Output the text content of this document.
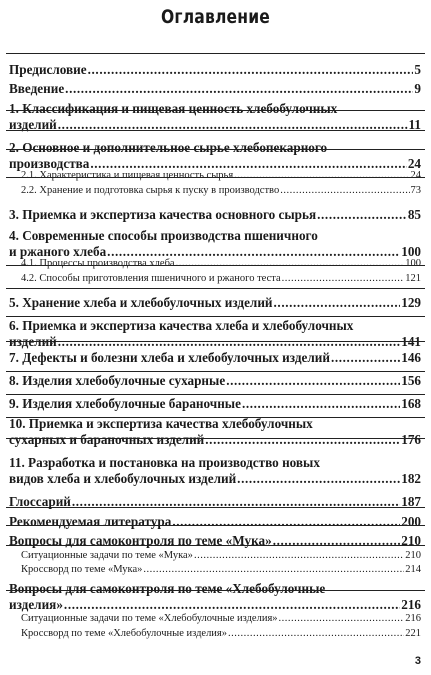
Оглавление
Предисловие .....	5
Введение .....	9
1. Классификация и пищевая ценность хлебобулочных
изделий .....	11
2. Основное и дополнительное сырье хлебопекарного
производства .....	24
2.1. Характеристика и пищевая ценность сырья .....	24
2.2. Хранение и подготовка сырья к пуску в производство .....	73
3. Приемка и экспертиза качества основного сырья .....	85
4. Современные способы производства пшеничного
и ржаного хлеба .....	100
4.1. Процессы производства хлеба .....	100
4.2. Способы приготовления пшеничного и ржаного теста .....	121
5. Хранение хлеба и хлебобулочных изделий .....	129
6. Приемка и экспертиза качества хлеба и хлебобулочных
изделий .....	141
7. Дефекты и болезни хлеба и хлебобулочных изделий .....	146
8. Изделия хлебобулочные сухарные .....	156
9. Изделия хлебобулочные бараночные .....	168
10. Приемка и экспертиза качества хлебобулочных
сухарных и бараночных изделий .....	176
11. Разработка и постановка на производство новых
видов хлеба и хлебобулочных изделий .....	182
Глоссарий .....	187
Рекомендуемая литература .....	200
Вопросы для самоконтроля по теме «Мука» .....	210
Ситуационные задачи по теме «Мука» .....	210
Кроссворд по теме «Мука» .....	214
Вопросы для самоконтроля по теме «Хлебобулочные
изделия» .....	216
Ситуационные задачи по теме «Хлебобулочные изделия» .....	216
Кроссворд по теме «Хлебобулочные изделия» .....	221
3
